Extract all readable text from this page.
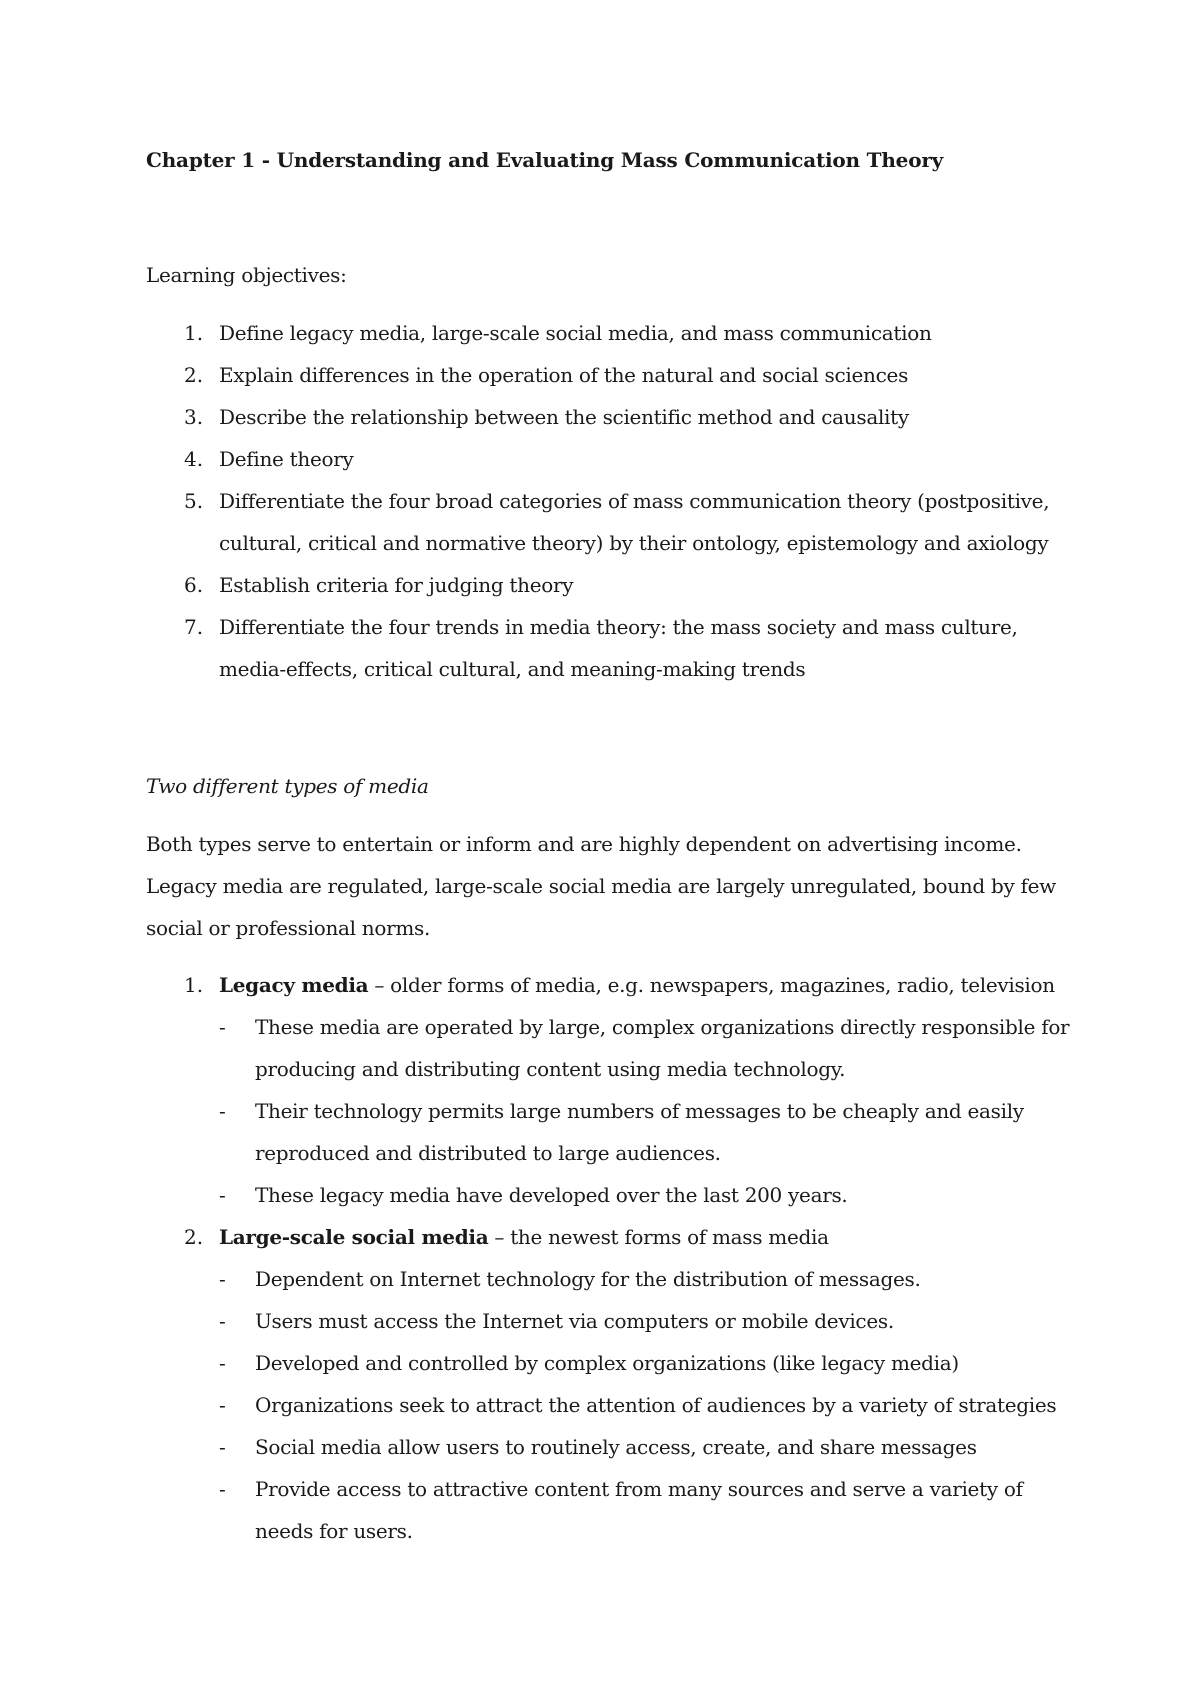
Chapter 1 - Understanding and Evaluating Mass Communication Theory

Learning objectives:

1. Define legacy media, large-scale social media, and mass communication

2. Explain differences in the operation of the natural and social sciences

3. Describe the relationship between the scientific method and causality

4. Define theory

5. Differentiate the four broad categories of mass communication theory (postpositive,

cultural, critical and normative theory) by their ontology, epistemology and axiology

6. Establish criteria for judging theory

7. Differentiate the four trends in media theory: the mass society and mass culture,

media-effects, critical cultural, and meaning-making trends

Two different types of media

Both types serve to entertain or inform and are highly dependent on advertising income.

Legacy media are regulated, large-scale social media are largely unregulated, bound by few

social or professional norms.

1. Legacy media – older forms of media, e.g. newspapers, magazines, radio, television

- These media are operated by large, complex organizations directly responsible for

producing and distributing content using media technology.

- Their technology permits large numbers of messages to be cheaply and easily

reproduced and distributed to large audiences.

- These legacy media have developed over the last 200 years.

2. Large-scale social media – the newest forms of mass media

- Dependent on Internet technology for the distribution of messages.

- Users must access the Internet via computers or mobile devices.

- Developed and controlled by complex organizations (like legacy media)

- Organizations seek to attract the attention of audiences by a variety of strategies

- Social media allow users to routinely access, create, and share messages

- Provide access to attractive content from many sources and serve a variety of

needs for users.
